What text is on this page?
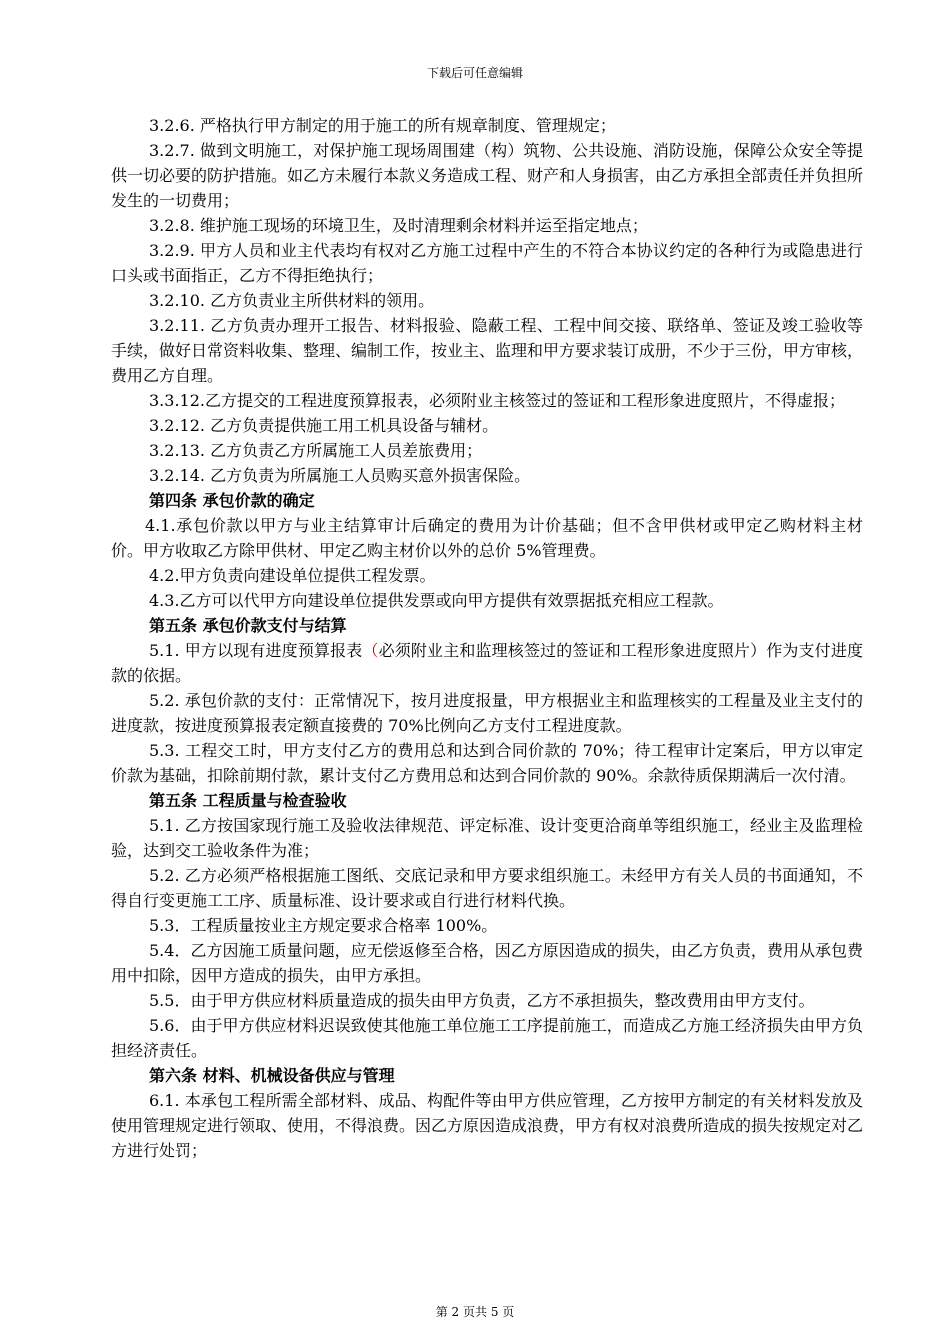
下载后可任意编辑

3.2.6. 严格执行甲方制定的用于施工的所有规章制度、管理规定；

3.2.7. 做到文明施工，对保护施工现场周围建（构）筑物、公共设施、消防设施，保障公众安全等提供一切必要的防护措施。如乙方未履行本款义务造成工程、财产和人身损害，由乙方承担全部责任并负担所发生的一切费用；

3.2.8. 维护施工现场的环境卫生，及时清理剩余材料并运至指定地点；

3.2.9. 甲方人员和业主代表均有权对乙方施工过程中产生的不符合本协议约定的各种行为或隐患进行口头或书面指正，乙方不得拒绝执行；

3.2.10. 乙方负责业主所供材料的领用。

3.2.11. 乙方负责办理开工报告、材料报验、隐蔽工程、工程中间交接、联络单、签证及竣工验收等手续，做好日常资料收集、整理、编制工作，按业主、监理和甲方要求装订成册，不少于三份，甲方审核，费用乙方自理。

3.3.12.乙方提交的工程进度预算报表，必须附业主核签过的签证和工程形象进度照片，不得虚报；

3.2.12. 乙方负责提供施工用工机具设备与辅材。

3.2.13. 乙方负责乙方所属施工人员差旅费用；

3.2.14. 乙方负责为所属施工人员购买意外损害保险。

第四条 承包价款的确定

4.1.承包价款以甲方与业主结算审计后确定的费用为计价基础；但不含甲供材或甲定乙购材料主材价。甲方收取乙方除甲供材、甲定乙购主材价以外的总价 5%管理费。

4.2.甲方负责向建设单位提供工程发票。

4.3.乙方可以代甲方向建设单位提供发票或向甲方提供有效票据抵充相应工程款。

第五条 承包价款支付与结算

5.1. 甲方以现有进度预算报表（必须附业主和监理核签过的签证和工程形象进度照片）作为支付进度款的依据。

5.2. 承包价款的支付：正常情况下，按月进度报量，甲方根据业主和监理核实的工程量及业主支付的进度款，按进度预算报表定额直接费的 70%比例向乙方支付工程进度款。

5.3. 工程交工时，甲方支付乙方的费用总和达到合同价款的 70%；待工程审计定案后，甲方以审定价款为基础，扣除前期付款，累计支付乙方费用总和达到合同价款的 90%。余款待质保期满后一次付清。

第五条 工程质量与检查验收

5.1. 乙方按国家现行施工及验收法律规范、评定标准、设计变更洽商单等组织施工，经业主及监理检验，达到交工验收条件为准；

5.2. 乙方必须严格根据施工图纸、交底记录和甲方要求组织施工。未经甲方有关人员的书面通知，不得自行变更施工工序、质量标准、设计要求或自行进行材料代换。

5.3．工程质量按业主方规定要求合格率 100%。

5.4．乙方因施工质量问题，应无偿返修至合格，因乙方原因造成的损失，由乙方负责，费用从承包费用中扣除，因甲方造成的损失，由甲方承担。

5.5．由于甲方供应材料质量造成的损失由甲方负责，乙方不承担损失，整改费用由甲方支付。

5.6．由于甲方供应材料迟误致使其他施工单位施工工序提前施工，而造成乙方施工经济损失由甲方负担经济责任。

第六条 材料、机械设备供应与管理

6.1. 本承包工程所需全部材料、成品、构配件等由甲方供应管理，乙方按甲方制定的有关材料发放及使用管理规定进行领取、使用，不得浪费。因乙方原因造成浪费，甲方有权对浪费所造成的损失按规定对乙方进行处罚；

第 2 页共 5 页
